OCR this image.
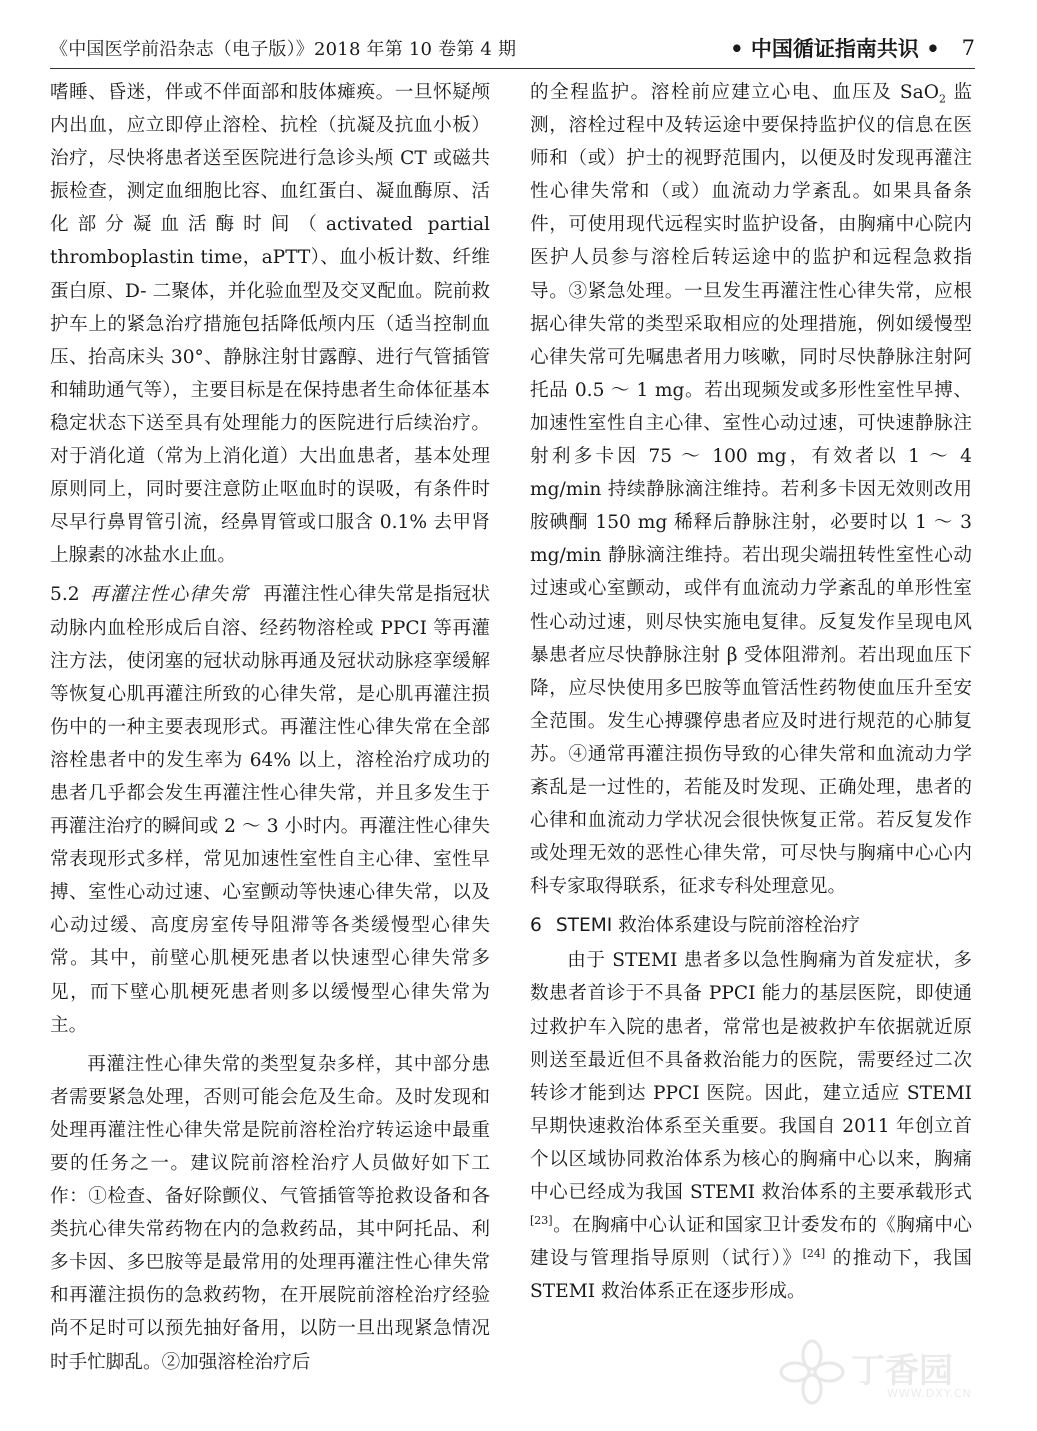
《中国医学前沿杂志（电子版）》2018 年第 10 卷第 4 期	• 中国循证指南共识 • 7

嗜睡、昏迷，伴或不伴面部和肢体瘫痪。一旦怀疑颅内出血，应立即停止溶栓、抗栓（抗凝及抗血小板）治疗，尽快将患者送至医院进行急诊头颅 CT 或磁共振检查，测定血细胞比容、血红蛋白、凝血酶原、活化部分凝血活酶时间（activated partial thromboplastin time，aPTT）、血小板计数、纤维蛋白原、D- 二聚体，并化验血型及交叉配血。院前救护车上的紧急治疗措施包括降低颅内压（适当控制血压、抬高床头 30°、静脉注射甘露醇、进行气管插管和辅助通气等），主要目标是在保持患者生命体征基本稳定状态下送至具有处理能力的医院进行后续治疗。对于消化道（常为上消化道）大出血患者，基本处理原则同上，同时要注意防止呕血时的误吸，有条件时尽早行鼻胃管引流，经鼻胃管或口服含 0.1% 去甲肾上腺素的冰盐水止血。

5.2 再灌注性心律失常 再灌注性心律失常是指冠状动脉内血栓形成后自溶、经药物溶栓或 PPCI 等再灌注方法，使闭塞的冠状动脉再通及冠状动脉痉挛缓解等恢复心肌再灌注所致的心律失常，是心肌再灌注损伤中的一种主要表现形式。再灌注性心律失常在全部溶栓患者中的发生率为 64% 以上，溶栓治疗成功的患者几乎都会发生再灌注性心律失常，并且多发生于再灌注治疗的瞬间或 2 ～ 3 小时内。再灌注性心律失常表现形式多样，常见加速性室性自主心律、室性早搏、室性心动过速、心室颤动等快速心律失常，以及心动过缓、高度房室传导阻滞等各类缓慢型心律失常。其中，前壁心肌梗死患者以快速型心律失常多见，而下壁心肌梗死患者则多以缓慢型心律失常为主。

再灌注性心律失常的类型复杂多样，其中部分患者需要紧急处理，否则可能会危及生命。及时发现和处理再灌注性心律失常是院前溶栓治疗转运途中最重要的任务之一。建议院前溶栓治疗人员做好如下工作：①检查、备好除颤仪、气管插管等抢救设备和各类抗心律失常药物在内的急救药品，其中阿托品、利多卡因、多巴胺等是最常用的处理再灌注性心律失常和再灌注损伤的急救药物，在开展院前溶栓治疗经验尚不足时可以预先抽好备用，以防一旦出现紧急情况时手忙脚乱。②加强溶栓治疗后

的全程监护。溶栓前应建立心电、血压及 SaO$_2$ 监测，溶栓过程中及转运途中要保持监护仪的信息在医师和（或）护士的视野范围内，以便及时发现再灌注性心律失常和（或）血流动力学紊乱。如果具备条件，可使用现代远程实时监护设备，由胸痛中心院内医护人员参与溶栓后转运途中的监护和远程急救指导。③紧急处理。一旦发生再灌注性心律失常，应根据心律失常的类型采取相应的处理措施，例如缓慢型心律失常可先嘱患者用力咳嗽，同时尽快静脉注射阿托品 0.5 ～ 1 mg。若出现频发或多形性室性早搏、加速性室性自主心律、室性心动过速，可快速静脉注射利多卡因 75 ～ 100 mg，有效者以 1 ～ 4 mg/min 持续静脉滴注维持。若利多卡因无效则改用胺碘酮 150 mg 稀释后静脉注射，必要时以 1 ～ 3 mg/min 静脉滴注维持。若出现尖端扭转性室性心动过速或心室颤动，或伴有血流动力学紊乱的单形性室性心动过速，则尽快实施电复律。反复发作呈现电风暴患者应尽快静脉注射 β 受体阻滞剂。若出现血压下降，应尽快使用多巴胺等血管活性药物使血压升至安全范围。发生心搏骤停患者应及时进行规范的心肺复苏。④通常再灌注损伤导致的心律失常和血流动力学紊乱是一过性的，若能及时发现、正确处理，患者的心律和血流动力学状况会很快恢复正常。若反复发作或处理无效的恶性心律失常，可尽快与胸痛中心心内科专家取得联系，征求专科处理意见。

6 STEMI 救治体系建设与院前溶栓治疗

由于 STEMI 患者多以急性胸痛为首发症状，多数患者首诊于不具备 PPCI 能力的基层医院，即使通过救护车入院的患者，常常也是被救护车依据就近原则送至最近但不具备救治能力的医院，需要经过二次转诊才能到达 PPCI 医院。因此，建立适应 STEMI 早期快速救治体系至关重要。我国自 2011 年创立首个以区域协同救治体系为核心的胸痛中心以来，胸痛中心已经成为我国 STEMI 救治体系的主要承载形式[23]。在胸痛中心认证和国家卫计委发布的《胸痛中心建设与管理指导原则（试行）》[24] 的推动下，我国 STEMI 救治体系正在逐步形成。

丁香园
WWW.DXY.CN
